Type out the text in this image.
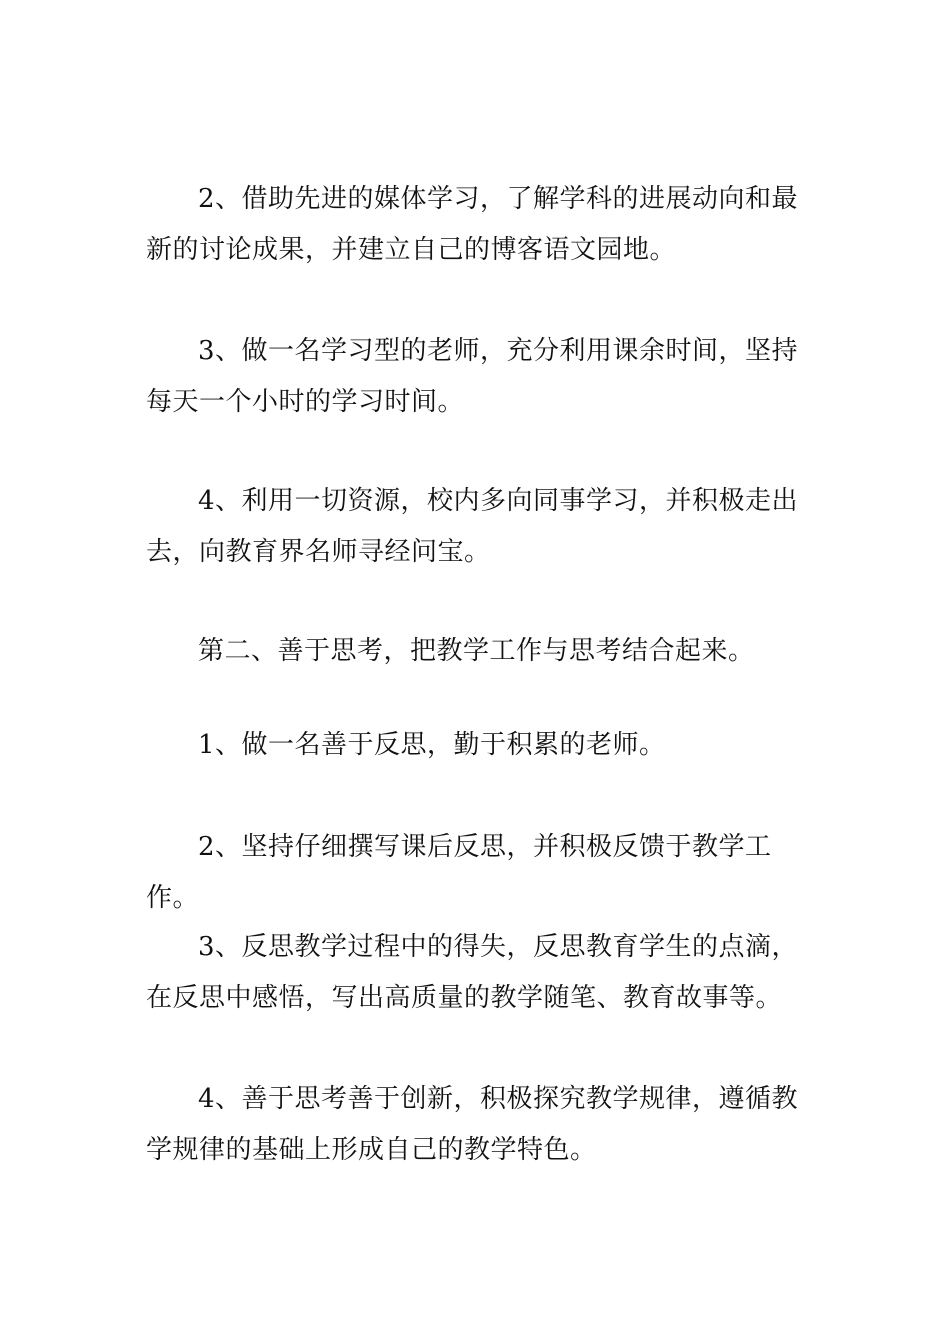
2、借助先进的媒体学习，了解学科的进展动向和最新的讨论成果，并建立自己的博客语文园地。

3、做一名学习型的老师，充分利用课余时间，坚持每天一个小时的学习时间。

4、利用一切资源，校内多向同事学习，并积极走出去，向教育界名师寻经问宝。

第二、善于思考，把教学工作与思考结合起来。

1、做一名善于反思，勤于积累的老师。

2、坚持仔细撰写课后反思，并积极反馈于教学工作。

3、反思教学过程中的得失，反思教育学生的点滴，在反思中感悟，写出高质量的教学随笔、教育故事等。

4、善于思考善于创新，积极探究教学规律，遵循教学规律的基础上形成自己的教学特色。
